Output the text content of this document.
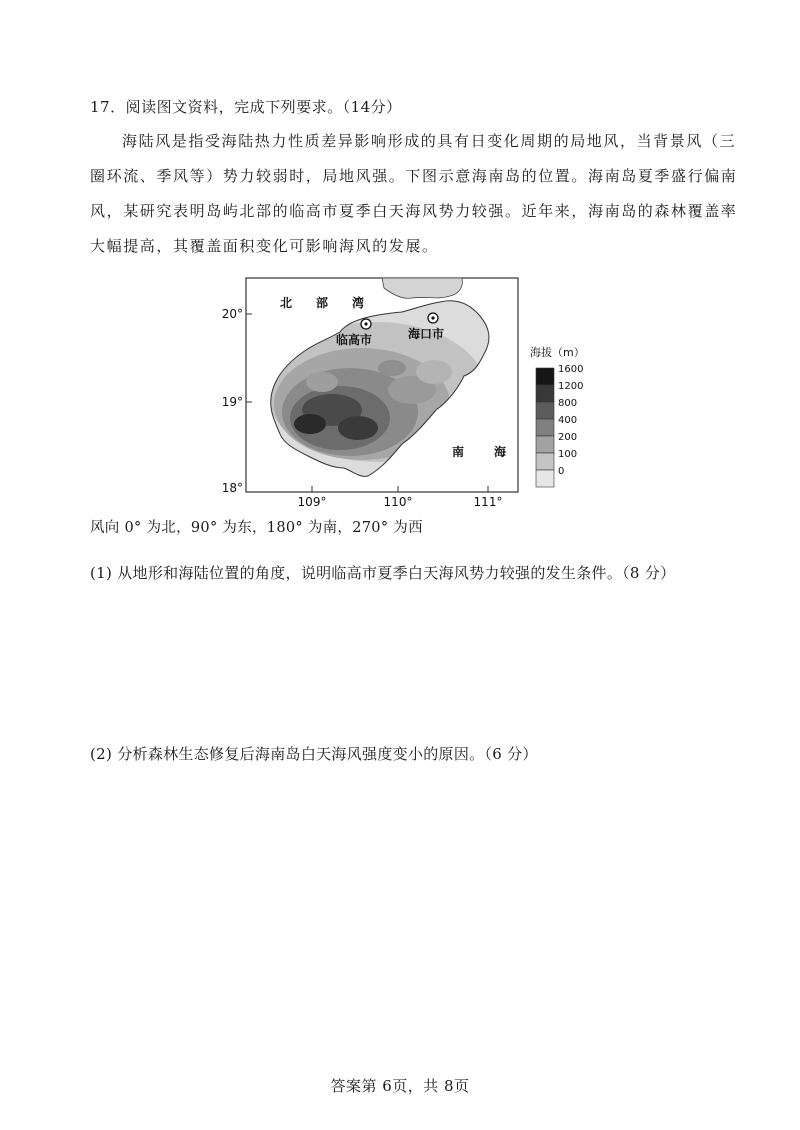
17．阅读图文资料，完成下列要求。（14分）
海陆风是指受海陆热力性质差异影响形成的具有日变化周期的局地风，当背景风（三
圈环流、季风等）势力较弱时，局地风强。下图示意海南岛的位置。海南岛夏季盛行偏南
风，某研究表明岛屿北部的临高市夏季白天海风势力较强。近年来，海南岛的森林覆盖率
大幅提高，其覆盖面积变化可影响海风的发展。
北 部 湾
临高市	海口市
南 海
20°
19°
18°
109°	110°	111°
海拔（m）
1600
1200
800
400
200
100
0
风向 0° 为北，90° 为东，180° 为南，270° 为西
(1) 从地形和海陆位置的角度，说明临高市夏季白天海风势力较强的发生条件。（8 分）
(2) 分析森林生态修复后海南岛白天海风强度变小的原因。（6 分）
答案第 6页，共 8页
